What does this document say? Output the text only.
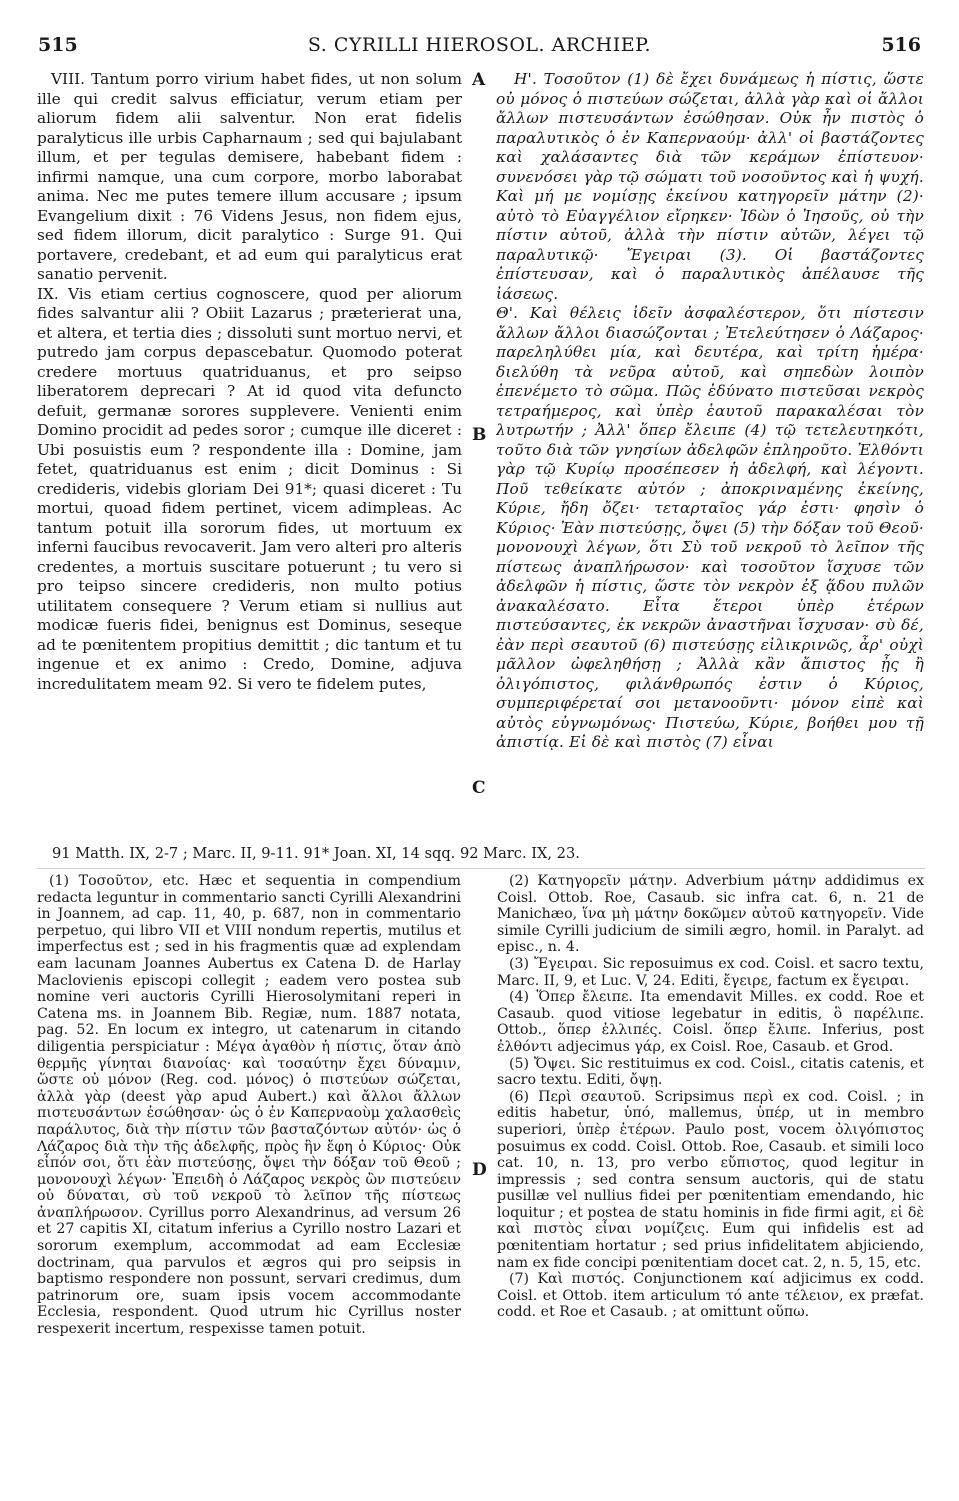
515	S. CYRILLI HIEROSOL. ARCHIEP.	516

VIII. Tantum porro virium habet fides, ut non solum ille qui credit salvus efficiatur, verum etiam per aliorum fidem alii salventur. Non erat fidelis paralyticus ille urbis Capharnaum ; sed qui bajulabant illum, et per tegulas demisere, habebant fidem : infirmi namque, una cum corpore, morbo laborabat anima. Nec me putes temere illum accusare ; ipsum Evangelium dixit : 76 Videns Jesus, non fidem ejus, sed fidem illorum, dicit paralytico : Surge 91. Qui portavere, credebant, et ad eum qui paralyticus erat sanatio pervenit.

IX. Vis etiam certius cognoscere, quod per aliorum fides salvantur alii ? Obiit Lazarus ; præterierat una, et altera, et tertia dies ; dissoluti sunt mortuo nervi, et putredo jam corpus depascebatur. Quomodo poterat credere mortuus quatriduanus, et pro seipso liberatorem deprecari ? At id quod vita defuncto defuit, germanæ sorores supplevere. Venienti enim Domino procidit ad pedes soror ; cumque ille diceret : Ubi posuistis eum ? respondente illa : Domine, jam fetet, quatriduanus est enim ; dicit Dominus : Si credideris, videbis gloriam Dei 91*; quasi diceret : Tu mortui, quoad fidem pertinet, vicem adimpleas. Ac tantum potuit illa sororum fides, ut mortuum ex inferni faucibus revocaverit. Jam vero alteri pro alteris credentes, a mortuis suscitare potuerunt ; tu vero si pro teipso sincere credideris, non multo potius utilitatem consequere ? Verum etiam si nullius aut modicæ fueris fidei, benignus est Dominus, seseque ad te pœnitentem propitius demittit ; dic tantum et tu ingenue et ex animo : Credo, Domine, adjuva incredulitatem meam 92. Si vero te fidelem putes,

Η'. Τοσοῦτον (1) δὲ ἔχει δυνάμεως ἡ πίστις, ὥστε οὐ μόνος ὁ πιστεύων σώζεται, ἀλλὰ γὰρ καὶ οἱ ἄλλοι ἄλλων πιστευσάντων ἐσώθησαν. Οὐκ ἦν πιστὸς ὁ παραλυτικὸς ὁ ἐν Καπερναούμ· ἀλλ' οἱ βαστάζοντες καὶ χαλάσαντες διὰ τῶν κεράμων ἐπίστευον· συνενόσει γὰρ τῷ σώματι τοῦ νοσοῦντος καὶ ἡ ψυχή. Καὶ μή με νομίσῃς ἐκείνου κατηγορεῖν μάτην (2)· αὐτὸ τὸ Εὐαγγέλιον εἴρηκεν· Ἰδὼν ὁ Ἰησοῦς, οὐ τὴν πίστιν αὐτοῦ, ἀλλὰ τὴν πίστιν αὐτῶν, λέγει τῷ παραλυτικῷ· Ἔγειραι (3). Οἱ βαστάζοντες ἐπίστευσαν, καὶ ὁ παραλυτικὸς ἀπέλαυσε τῆς ἰάσεως.

Θ'. Καὶ θέλεις ἰδεῖν ἀσφαλέστερον, ὅτι πίστεσιν ἄλλων ἄλλοι διασώζονται ; Ἐτελεύτησεν ὁ Λάζαρος· παρεληλύθει μία, καὶ δευτέρα, καὶ τρίτη ἡμέρα· διελύθη τὰ νεῦρα αὐτοῦ, καὶ σηπεδὼν λοιπὸν ἐπενέμετο τὸ σῶμα. Πῶς ἐδύνατο πιστεῦσαι νεκρὸς τετραήμερος, καὶ ὑπὲρ ἑαυτοῦ παρακαλέσαι τὸν λυτρωτήν ; Ἀλλ' ὅπερ ἔλειπε (4) τῷ τετελευτηκότι, τοῦτο διὰ τῶν γνησίων ἀδελφῶν ἐπληροῦτο. Ἐλθόντι γὰρ τῷ Κυρίῳ προσέπεσεν ἡ ἀδελφή, καὶ λέγοντι. Ποῦ τεθείκατε αὐτόν ; ἀποκριναμένης ἐκείνης, Κύριε, ἤδη ὄζει· τεταρταῖος γάρ ἐστι· φησὶν ὁ Κύριος· Ἐὰν πιστεύσῃς, ὄψει (5) τὴν δόξαν τοῦ Θεοῦ· μονονουχὶ λέγων, ὅτι Σὺ τοῦ νεκροῦ τὸ λεῖπον τῆς πίστεως ἀναπλήρωσον· καὶ τοσοῦτον ἴσχυσε τῶν ἀδελφῶν ἡ πίστις, ὥστε τὸν νεκρὸν ἐξ ᾅδου πυλῶν ἀνακαλέσατο. Εἶτα ἕτεροι ὑπὲρ ἑτέρων πιστεύσαντες, ἐκ νεκρῶν ἀναστῆναι ἴσχυσαν· σὺ δέ, ἐὰν περὶ σεαυτοῦ (6) πιστεύσῃς εἰλικρινῶς, ἆρ' οὐχὶ μᾶλλον ὠφεληθήσῃ ; Ἀλλὰ κἂν ἄπιστος ᾖς ἢ ὀλιγόπιστος, φιλάνθρωπός ἐστιν ὁ Κύριος, συμπεριφέρεταί σοι μετανοοῦντι· μόνον εἰπὲ καὶ αὐτὸς εὐγνωμόνως· Πιστεύω, Κύριε, βοήθει μου τῇ ἀπιστίᾳ. Εἰ δὲ καὶ πιστὸς (7) εἶναι

A
B
C
D
91 Matth. IX, 2-7 ; Marc. II, 9-11. 91* Joan. XI, 14 sqq. 92 Marc. IX, 23.

(1) Τοσοῦτον, etc. Hæc et sequentia in compendium redacta leguntur in commentario sancti Cyrilli Alexandrini in Joannem, ad cap. 11, 40, p. 687, non in commentario perpetuo, qui libro VII et VIII nondum repertis, mutilus et imperfectus est ; sed in his fragmentis quæ ad explendam eam lacunam Joannes Aubertus ex Catena D. de Harlay Maclovienis episcopi collegit ; eadem vero postea sub nomine veri auctoris Cyrilli Hierosolymitani reperi in Catena ms. in Joannem Bib. Regiæ, num. 1887 notata, pag. 52. En locum ex integro, ut catenarum in citando diligentia perspiciatur : Μέγα ἀγαθὸν ἡ πίστις, ὅταν ἀπὸ θερμῆς γίνηται διανοίας· καὶ τοσαύτην ἔχει δύναμιν, ὥστε οὐ μόνον (Reg. cod. μόνος) ὁ πιστεύων σώζεται, ἀλλὰ γὰρ (deest γὰρ apud Aubert.) καὶ ἄλλοι ἄλλων πιστευσάντων ἐσώθησαν· ὡς ὁ ἐν Καπερναοὺμ χαλασθεὶς παράλυτος, διὰ τὴν πίστιν τῶν βασταζόντων αὐτόν· ὡς ὁ Λάζαρος διὰ τὴν τῆς ἀδελφῆς, πρὸς ἣν ἔφη ὁ Κύριος· Οὐκ εἶπόν σοι, ὅτι ἐὰν πιστεύσῃς, ὄψει τὴν δόξαν τοῦ Θεοῦ ; μονονουχὶ λέγων· Ἐπειδὴ ὁ Λάζαρος νεκρὸς ὢν πιστεύειν οὐ δύναται, σὺ τοῦ νεκροῦ τὸ λεῖπον τῆς πίστεως ἀναπλήρωσον. Cyrillus porro Alexandrinus, ad versum 26 et 27 capitis XI, citatum inferius a Cyrillo nostro Lazari et sororum exemplum, accommodat ad eam Ecclesiæ doctrinam, qua parvulos et ægros qui pro seipsis in baptismo respondere non possunt, servari credimus, dum patrinorum ore, suam ipsis vocem accommodante Ecclesia, respondent. Quod utrum hic Cyrillus noster respexerit incertum, respexisse tamen potuit.

(2) Κατηγορεῖν μάτην. Adverbium μάτην addidimus ex Coisl. Ottob. Roe, Casaub. sic infra cat. 6, n. 21 de Manichæo, ἵνα μὴ μάτην δοκῶμεν αὐτοῦ κατηγορεῖν. Vide simile Cyrilli judicium de simili ægro, homil. in Paralyt. ad episc., n. 4.

(3) Ἔγειραι. Sic reposuimus ex cod. Coisl. et sacro textu, Marc. II, 9, et Luc. V, 24. Editi, ἔγειρε, factum ex ἔγειραι.

(4) Ὅπερ ἔλειπε. Ita emendavit Milles. ex codd. Roe et Casaub. quod vitiose legebatur in editis, ὃ παρέλιπε. Ottob., ὅπερ ἐλλιπές. Coisl. ὅπερ ἔλιπε. Inferius, post ἐλθόντι adjecimus γάρ, ex Coisl. Roe, Casaub. et Grod.

(5) Ὄψει. Sic restituimus ex cod. Coisl., citatis catenis, et sacro textu. Editi, ὄψῃ.

(6) Περὶ σεαυτοῦ. Scripsimus περὶ ex cod. Coisl. ; in editis habetur, ὑπό, mallemus, ὑπέρ, ut in membro superiori, ὑπὲρ ἑτέρων. Paulo post, vocem ὀλιγόπιστος posuimus ex codd. Coisl. Ottob. Roe, Casaub. et simili loco cat. 10, n. 13, pro verbo εὔπιστος, quod legitur in impressis ; sed contra sensum auctoris, qui de statu pusillæ vel nullius fidei per pœnitentiam emendando, hic loquitur ; et postea de statu hominis in fide firmi agit, εἰ δὲ καὶ πιστὸς εἶναι νομίζεις. Eum qui infidelis est ad pœnitentiam hortatur ; sed prius infidelitatem abjiciendo, nam ex fide concipi pœnitentiam docet cat. 2, n. 5, 15, etc.

(7) Καὶ πιστός. Conjunctionem καί adjicimus ex codd. Coisl. et Ottob. item articulum τό ante τέλειον, ex præfat. codd. et Roe et Casaub. ; at omittunt οὕπω.
